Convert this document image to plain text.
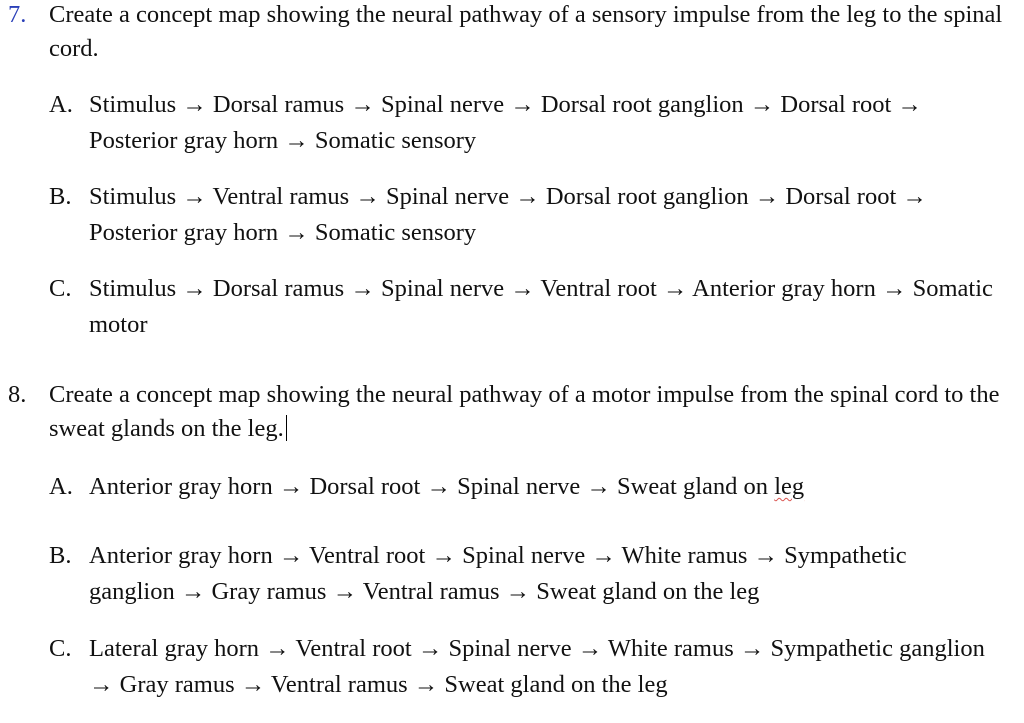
7. Create a concept map showing the neural pathway of a sensory impulse from the leg to the spinal cord.
A. Stimulus → Dorsal ramus → Spinal nerve → Dorsal root ganglion → Dorsal root → Posterior gray horn → Somatic sensory
B. Stimulus → Ventral ramus → Spinal nerve → Dorsal root ganglion → Dorsal root → Posterior gray horn → Somatic sensory
C. Stimulus → Dorsal ramus → Spinal nerve → Ventral root → Anterior gray horn → Somatic motor
8. Create a concept map showing the neural pathway of a motor impulse from the spinal cord to the sweat glands on the leg.
A. Anterior gray horn → Dorsal root → Spinal nerve → Sweat gland on leg
B. Anterior gray horn → Ventral root → Spinal nerve → White ramus → Sympathetic ganglion → Gray ramus → Ventral ramus → Sweat gland on the leg
C. Lateral gray horn → Ventral root → Spinal nerve → White ramus → Sympathetic ganglion → Gray ramus → Ventral ramus → Sweat gland on the leg
